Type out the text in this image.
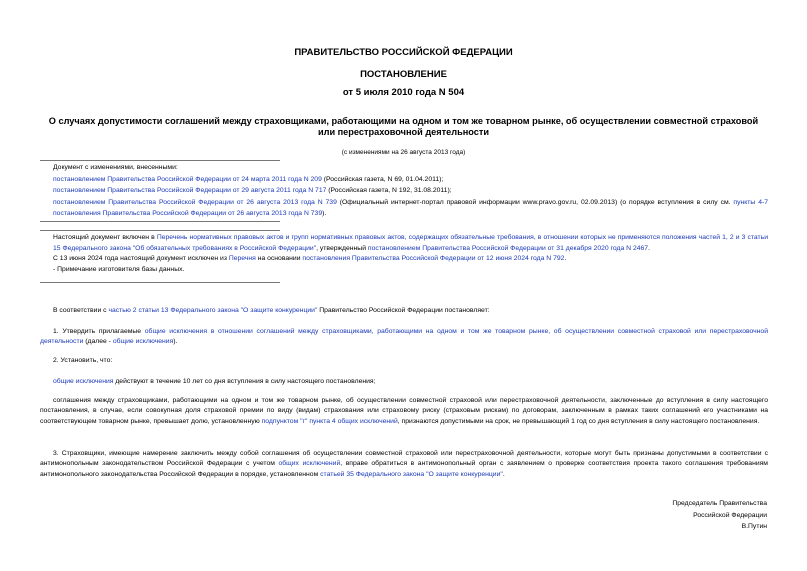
ПРАВИТЕЛЬСТВО РОССИЙСКОЙ ФЕДЕРАЦИИ
ПОСТАНОВЛЕНИЕ
от 5 июля 2010 года N 504
О случаях допустимости соглашений между страховщиками, работающими на одном и том же товарном рынке, об осуществлении совместной страховой или перестраховочной деятельности
(с изменениями на 26 августа 2013 года)

Документ с изменениями, внесенными:

постановлением Правительства Российской Федерации от 24 марта 2011 года N 209 (Российская газета, N 69, 01.04.2011);

постановлением Правительства Российской Федерации от 29 августа 2011 года N 717 (Российская газета, N 192, 31.08.2011);

постановлением Правительства Российской Федерации от 26 августа 2013 года N 739 (Официальный интернет-портал правовой информации www.pravo.gov.ru, 02.09.2013) (о порядке вступления в силу см. пункты 4-7 постановления Правительства Российской Федерации от 26 августа 2013 года N 739).

Настоящий документ включен в Перечень нормативных правовых актов и групп нормативных правовых актов, содержащих обязательные требования, в отношении которых не применяются положения частей 1, 2 и 3 статьи 15 Федерального закона "Об обязательных требованиях в Российской Федерации", утвержденный постановлением Правительства Российской Федерации от 31 декабря 2020 года N 2467.

С 13 июня 2024 года настоящий документ исключен из Перечня на основании постановления Правительства Российской Федерации от 12 июня 2024 года N 792.

- Примечание изготовителя базы данных.

В соответствии с частью 2 статьи 13 Федерального закона "О защите конкуренции" Правительство Российской Федерации постановляет:

1. Утвердить прилагаемые общие исключения в отношении соглашений между страховщиками, работающими на одном и том же товарном рынке, об осуществлении совместной страховой или перестраховочной деятельности (далее - общие исключения).

2. Установить, что:

общие исключения действуют в течение 10 лет со дня вступления в силу настоящего постановления;

соглашения между страховщиками, работающими на одном и том же товарном рынке, об осуществлении совместной страховой или перестраховочной деятельности, заключенные до вступления в силу настоящего постановления, в случае, если совокупная доля страховой премии по виду (видам) страхования или страховому риску (страховым рискам) по договорам, заключенным в рамках таких соглашений его участниками на соответствующем товарном рынке, превышает долю, установленную подпунктом "г" пункта 4 общих исключений, признаются допустимыми на срок, не превышающий 1 год со дня вступления в силу настоящего постановления.

3. Страховщики, имеющие намерение заключить между собой соглашения об осуществлении совместной страховой или перестраховочной деятельности, которые могут быть признаны допустимыми в соответствии с антимонопольным законодательством Российской Федерации с учетом общих исключений, вправе обратиться в антимонопольный орган с заявлением о проверке соответствия проекта такого соглашения требованиям антимонопольного законодательства Российской Федерации в порядке, установленном статьей 35 Федерального закона "О защите конкуренции".

Председатель Правительства
Российской Федерации
В.Путин
